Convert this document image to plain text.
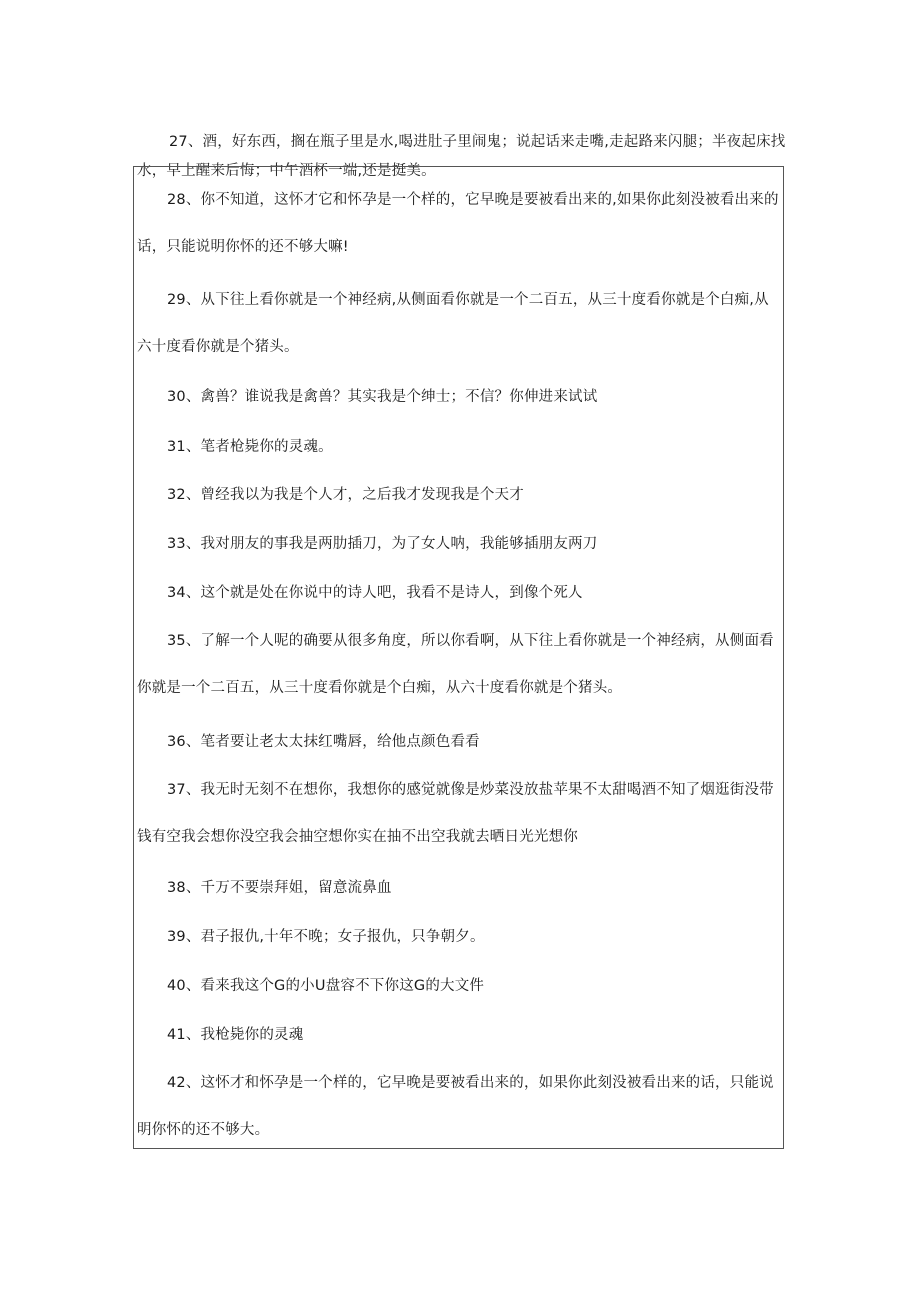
27、酒，好东西，搁在瓶子里是水,喝进肚子里闹鬼；说起话来走嘴,走起路来闪腿；半夜起床找水，早上醒来后悔；中午酒杯一端,还是挺美。

28、你不知道，这怀才它和怀孕是一个样的，它早晚是要被看出来的,如果你此刻没被看出来的话，只能说明你怀的还不够大嘛!

29、从下往上看你就是一个神经病,从侧面看你就是一个二百五，从三十度看你就是个白痴,从六十度看你就是个猪头。

30、禽兽？谁说我是禽兽？其实我是个绅士；不信？你伸进来试试

31、笔者枪毙你的灵魂。

32、曾经我以为我是个人才，之后我才发现我是个天才

33、我对朋友的事我是两肋插刀，为了女人呐，我能够插朋友两刀

34、这个就是处在你说中的诗人吧，我看不是诗人，到像个死人

35、了解一个人呢的确要从很多角度，所以你看啊，从下往上看你就是一个神经病，从侧面看你就是一个二百五，从三十度看你就是个白痴，从六十度看你就是个猪头。

36、笔者要让老太太抹红嘴唇，给他点颜色看看

37、我无时无刻不在想你，我想你的感觉就像是炒菜没放盐苹果不太甜喝酒不知了烟逛街没带钱有空我会想你没空我会抽空想你实在抽不出空我就去晒日光光想你

38、千万不要崇拜姐，留意流鼻血

39、君子报仇,十年不晚；女子报仇，只争朝夕。

40、看来我这个G的小U盘容不下你这G的大文件

41、我枪毙你的灵魂

42、这怀才和怀孕是一个样的，它早晚是要被看出来的，如果你此刻没被看出来的话，只能说明你怀的还不够大。
